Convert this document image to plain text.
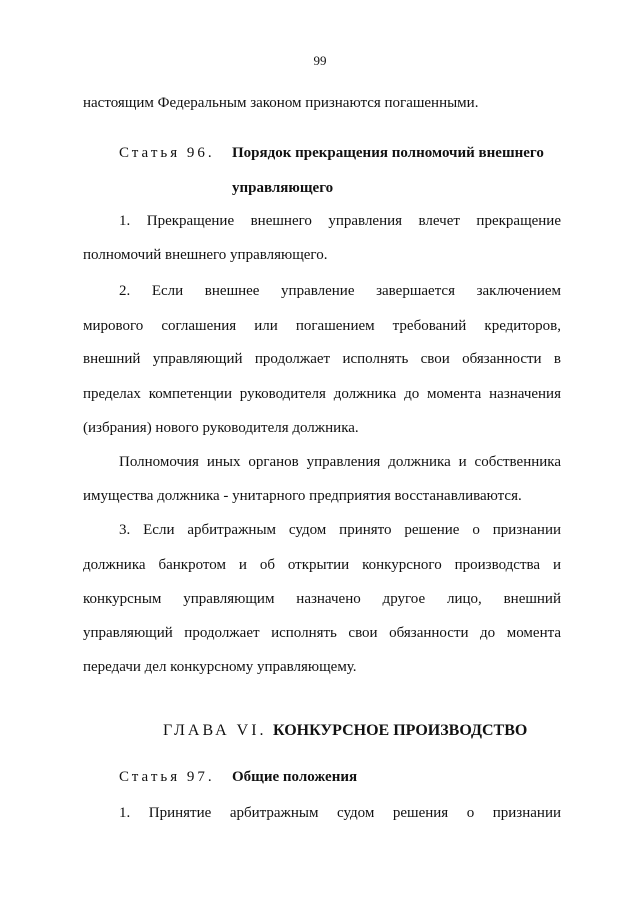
99
настоящим Федеральным законом признаются погашенными.
Статья 96. Порядок прекращения полномочий внешнего
управляющего
1. Прекращение внешнего управления влечет прекращение
полномочий внешнего управляющего.
2. Если внешнее управление завершается заключением
мирового соглашения или погашением требований кредиторов,
внешний управляющий продолжает исполнять свои обязанности в
пределах компетенции руководителя должника до момента назначения
(избрания) нового руководителя должника.
Полномочия иных органов управления должника и собственника
имущества должника - унитарного предприятия восстанавливаются.
3. Если арбитражным судом принято решение о признании
должника банкротом и об открытии конкурсного производства и
конкурсным управляющим назначено другое лицо, внешний
управляющий продолжает исполнять свои обязанности до момента
передачи дел конкурсному управляющему.
ГЛАВА VI. КОНКУРСНОЕ ПРОИЗВОДСТВО
Статья 97. Общие положения
1. Принятие арбитражным судом решения о признании
